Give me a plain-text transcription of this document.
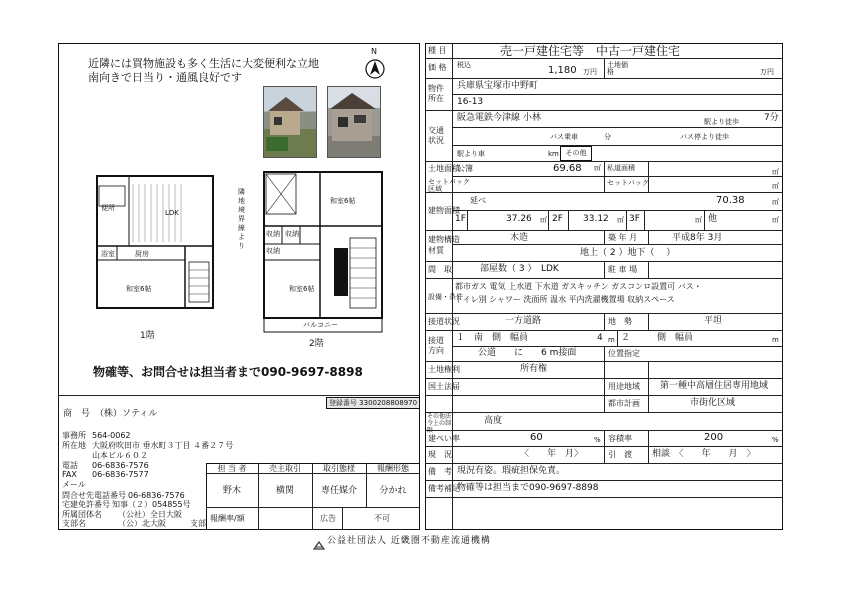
近隣には買物施設も多く生活に大変便利な立地
南向きで日当り・通風良好です
N
LDK
和室6帖
厨房
浴室
便所
1階
和室6帖
和室6帖
収納 収納
収納
バルコニー
2階
隣地境界線より
物確等、お問合せは担当者まで090-9697-8898
登録番号 3300208808970
商　号 （株）ソティル
事務所 564-0062
所在地 大阪府吹田市 垂水町３丁目 ４番２７号
山本ビル６０２
電話 06-6836-7576
FAX 06-6836-7577
メール
問合せ先電話番号 06-6836-7576
宅建免許番号 知事（２）054855号
所属団体名 （公社）全日大阪
支部名	（公）北大阪	支部
担 当 者	売主取引	取引態様	報酬形態
野木	横関	専任媒介	分かれ
報酬率/額	広告	不可
種 目	売一戸建住宅等　中古一戸建住宅
価 格 税込	1,180 万円
土地価格	万円
物件所在
兵庫県宝塚市中野町
16-13
交通状況
阪急電鉄今津線 小林	駅より徒歩	7分
バス乗車	分	バス停より徒歩
駅より車	km その他
土地面積
公簿	69.68 ㎡ 私道面積	㎡
セットバック
区域
セットバック	㎡
建物面積
延べ	70.38	㎡
1F	37.26 ㎡ 2F 33.12 ㎡ 3F	㎡ 他	㎡
建物構造
材質
木造	築 年 月	平成8年 3月
地上（ 2 ）地下（　 ）
間　取	部屋数（ 3 ）　LDK	駐 車 場
設備・条件
都市ガス 電気 上水道 下水道 ガスキッチン ガスコンロ設置可 バス・
トイレ別 シャワー 洗面所 温水 平内洗濯機置場 収納スペース
接道状況	一方道路	地　勢	平坦
接道方向
１　南　側　幅員	4 m ２　　　側　幅員	m
公道　　に　　6 m接面	位置指定
土地権利	所有権
国土法届	用途地域 第一種中高層住居専用地域
都市計画	市街化区域
その他法令上の制限
高度
建ぺい率	60	% 容積率	200	%
現　況	〈　　年　月〉	引　渡 相談　〈　　年　　月　〉
備　考 現況有姿。瑕疵担保免責。
備考補足
物確等は担当まで090-9697-8898
公益社団法人 近畿圏不動産流通機構
